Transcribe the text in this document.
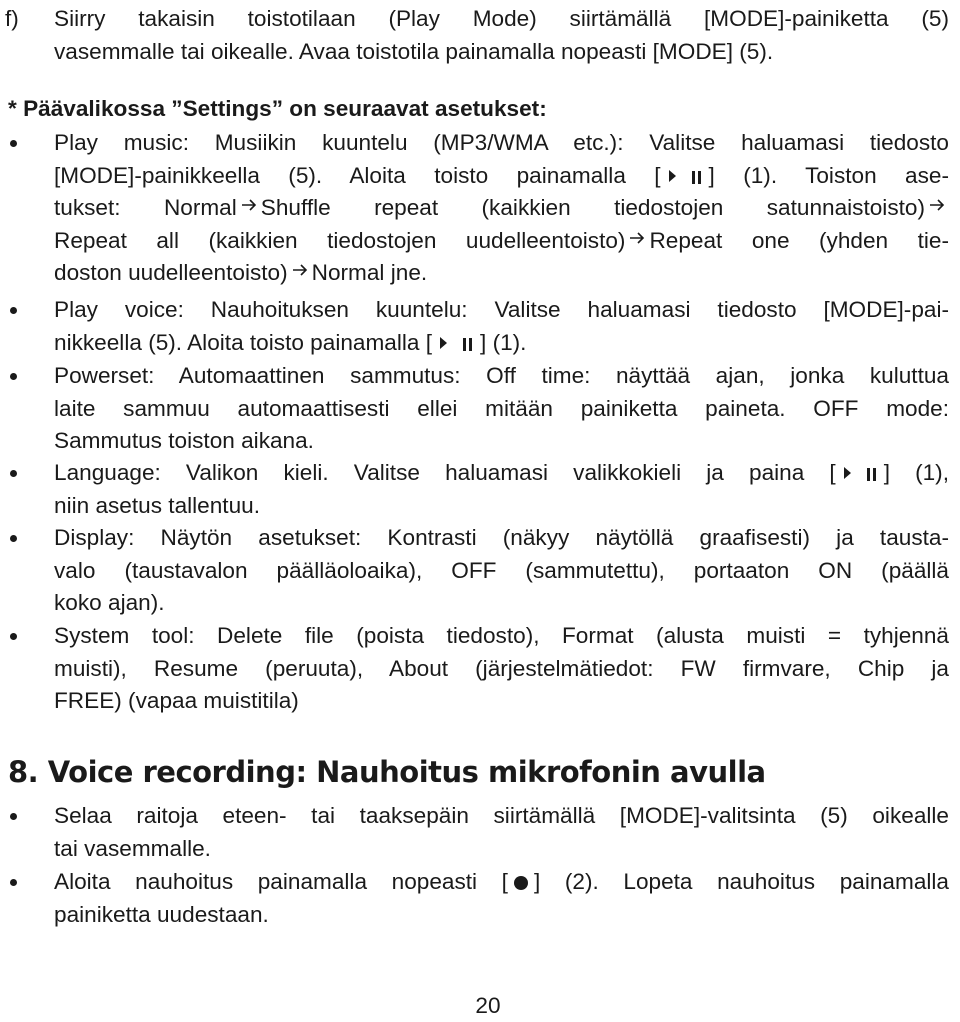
f) Siirry takaisin toistotilaan (Play Mode) siirtämällä [MODE]-painiketta (5)
vasemmalle tai oikealle. Avaa toistotila painamalla nopeasti [MODE] (5).
* Päävalikossa ”Settings” on seuraavat asetukset:
Play music: Musiikin kuuntelu (MP3/WMA etc.): Valitse haluamasi tiedosto
[MODE]-painikkeella (5). Aloita toisto painamalla [ ] (1). Toiston ase-
tukset: Normal Shuffle repeat (kaikkien tiedostojen satunnaistoisto)
Repeat all (kaikkien tiedostojen uudelleentoisto) Repeat one (yhden tie-
doston uudelleentoisto) Normal jne.
Play voice: Nauhoituksen kuuntelu: Valitse haluamasi tiedosto [MODE]-pai-
nikkeella (5). Aloita toisto painamalla [ ] (1).
Powerset: Automaattinen sammutus: Off time: näyttää ajan, jonka kuluttua
laite sammuu automaattisesti ellei mitään painiketta paineta. OFF mode:
Sammutus toiston aikana.
Language: Valikon kieli. Valitse haluamasi valikkokieli ja paina [ ] (1),
niin asetus tallentuu.
Display: Näytön asetukset: Kontrasti (näkyy näytöllä graafisesti) ja tausta-
valo (taustavalon päälläoloaika), OFF (sammutettu), portaaton ON (päällä
koko ajan).
System tool: Delete file (poista tiedosto), Format (alusta muisti = tyhjennä
muisti), Resume (peruuta), About (järjestelmätiedot: FW firmvare, Chip ja
FREE) (vapaa muistitila)
8. Voice recording: Nauhoitus mikrofonin avulla
Selaa raitoja eteen- tai taaksepäin siirtämällä [MODE]-valitsinta (5) oikealle
tai vasemmalle.
Aloita nauhoitus painamalla nopeasti [ ] (2). Lopeta nauhoitus painamalla
painiketta uudestaan.
20
